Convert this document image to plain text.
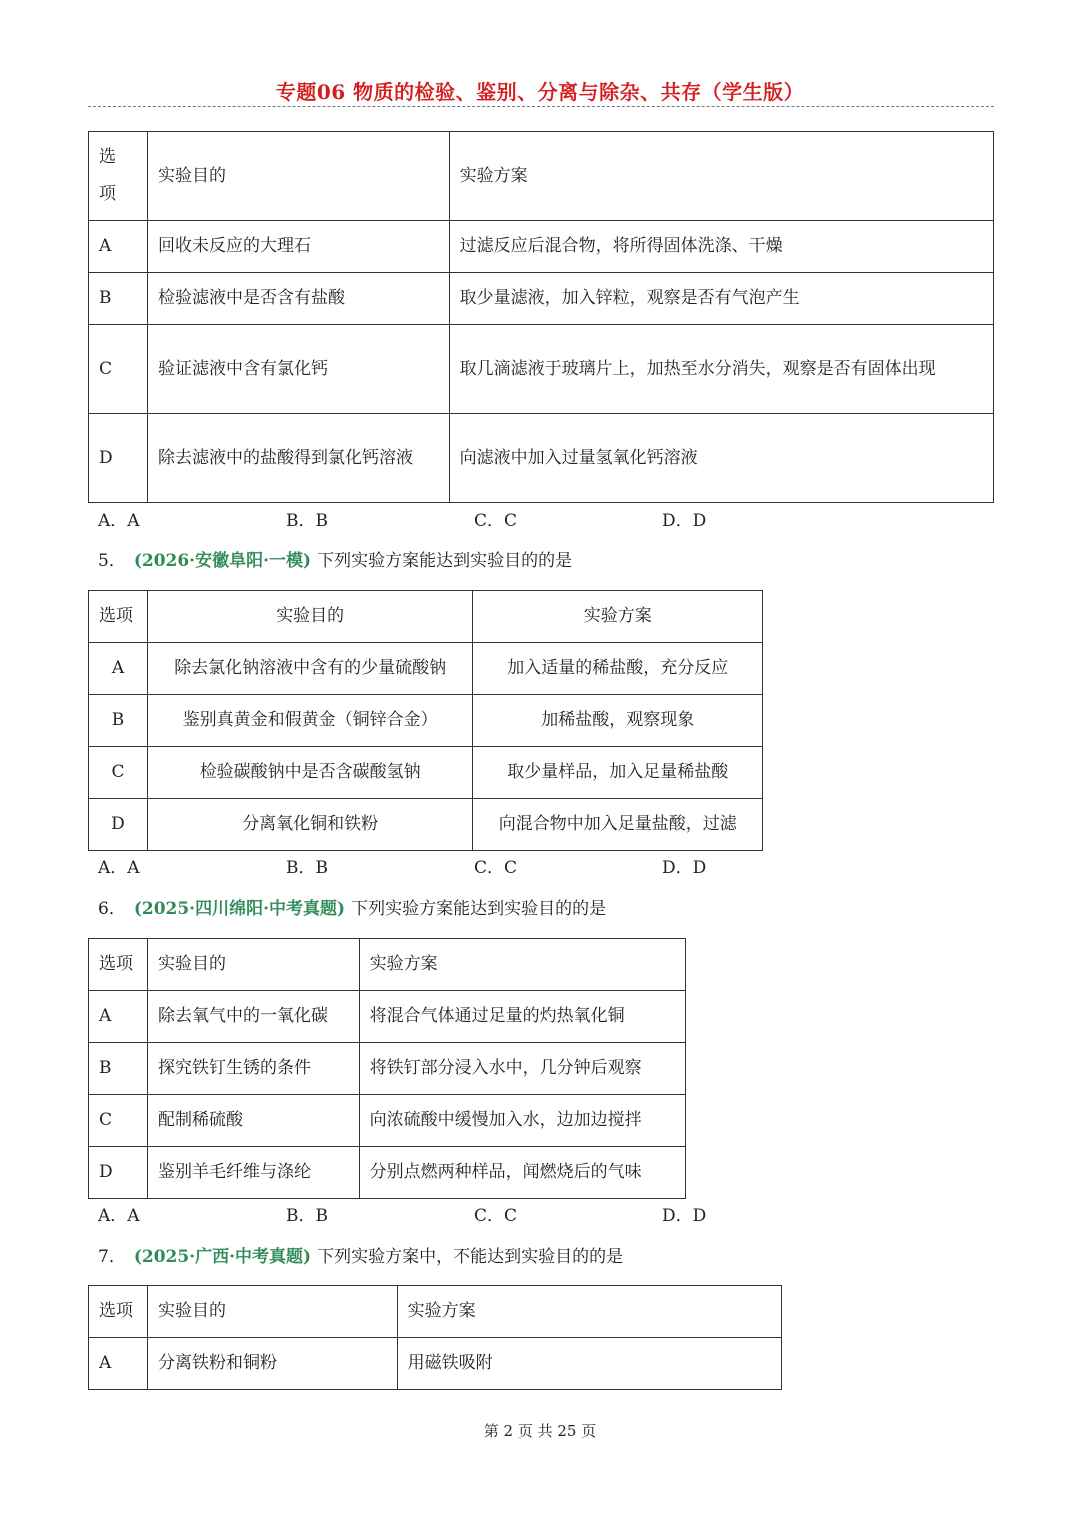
专题06 物质的检验、鉴别、分离与除杂、共存（学生版）
选项	实验目的	实验方案
A	回收未反应的大理石	过滤反应后混合物，将所得固体洗涤、干燥
B	检验滤液中是否含有盐酸	取少量滤液，加入锌粒，观察是否有气泡产生
C	验证滤液中含有氯化钙	取几滴滤液于玻璃片上，加热至水分消失，观察是否有固体出现
D	除去滤液中的盐酸得到氯化钙溶液	向滤液中加入过量氢氧化钙溶液
A．A	B．B	C．C	D．D
5． (2026·安徽阜阳·一模) 下列实验方案能达到实验目的的是
选项	实验目的	实验方案
A	除去氯化钠溶液中含有的少量硫酸钠	加入适量的稀盐酸，充分反应
B	鉴别真黄金和假黄金（铜锌合金）	加稀盐酸，观察现象
C	检验碳酸钠中是否含碳酸氢钠	取少量样品，加入足量稀盐酸
D	分离氧化铜和铁粉	向混合物中加入足量盐酸，过滤
A．A	B．B	C．C	D．D
6． (2025·四川绵阳·中考真题) 下列实验方案能达到实验目的的是
选项	实验目的	实验方案
A	除去氧气中的一氧化碳	将混合气体通过足量的灼热氧化铜
B	探究铁钉生锈的条件	将铁钉部分浸入水中，几分钟后观察
C	配制稀硫酸	向浓硫酸中缓慢加入水，边加边搅拌
D	鉴别羊毛纤维与涤纶	分别点燃两种样品，闻燃烧后的气味
A．A	B．B	C．C	D．D
7． (2025·广西·中考真题) 下列实验方案中，不能达到实验目的的是
选项	实验目的	实验方案
A	分离铁粉和铜粉	用磁铁吸附
第 2 页 共 25 页
